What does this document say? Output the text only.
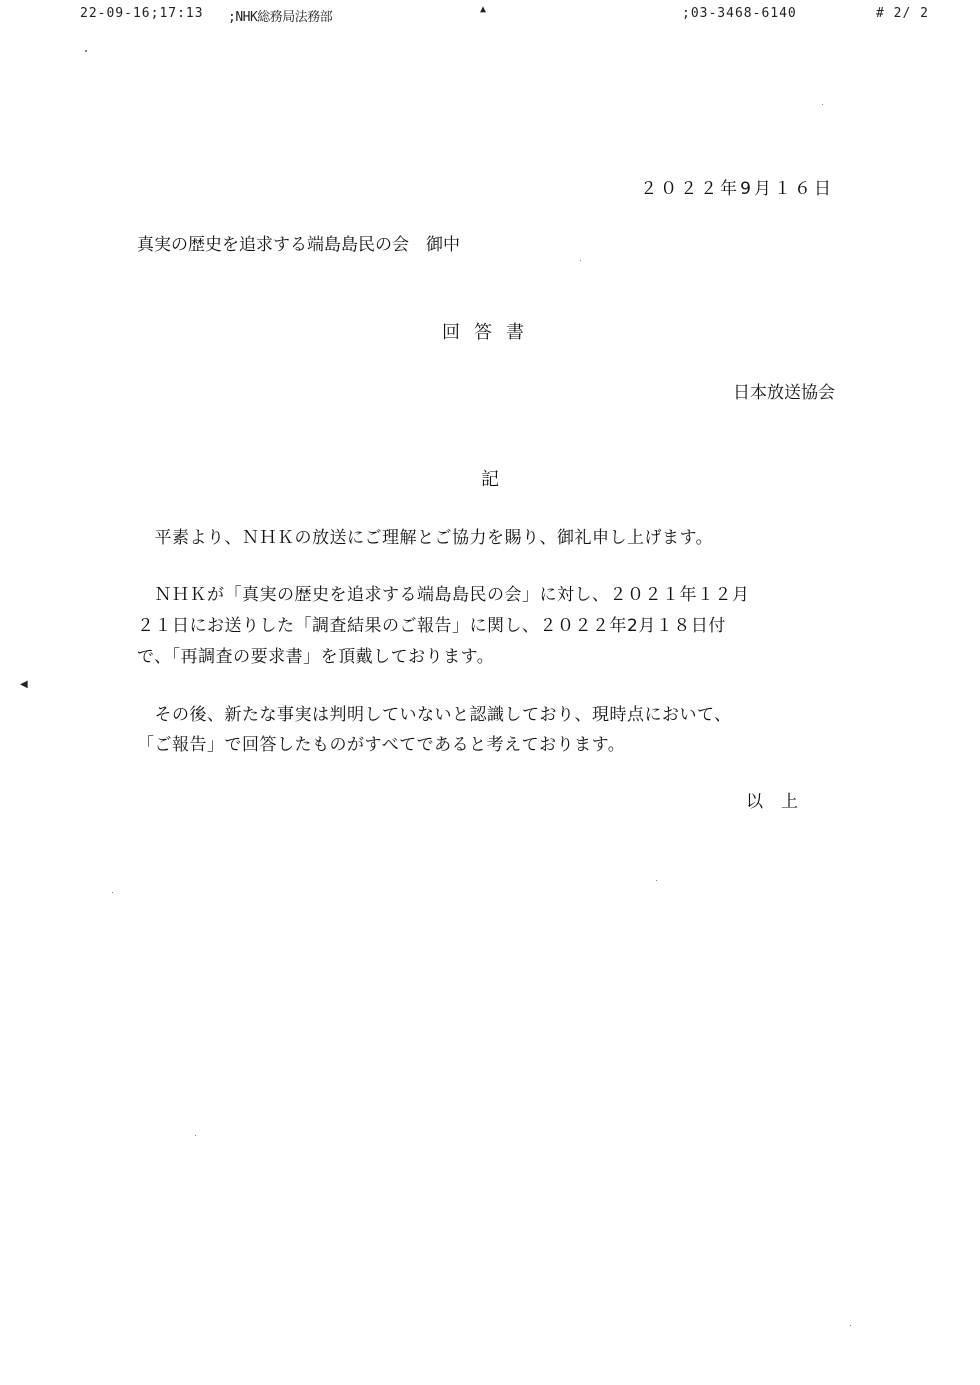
22-09-16;17:13 ;NHK総務局法務部
▲	;03-3468-6140	# 2/ 2
◀
２０２２年9月１６日
真実の歴史を追求する端島島民の会　御中
回答書
日本放送協会
記
　平素より、ＮＨＫの放送にご理解とご協力を賜り、御礼申し上げます。
　ＮＨＫが「真実の歴史を追求する端島島民の会」に対し、２０２１年１２月
２１日にお送りした「調査結果のご報告」に関し、２０２２年2月１８日付
で、「再調査の要求書」を頂戴しております。
　その後、新たな事実は判明していないと認識しており、現時点において、
「ご報告」で回答したものがすべてであると考えております。
以上
